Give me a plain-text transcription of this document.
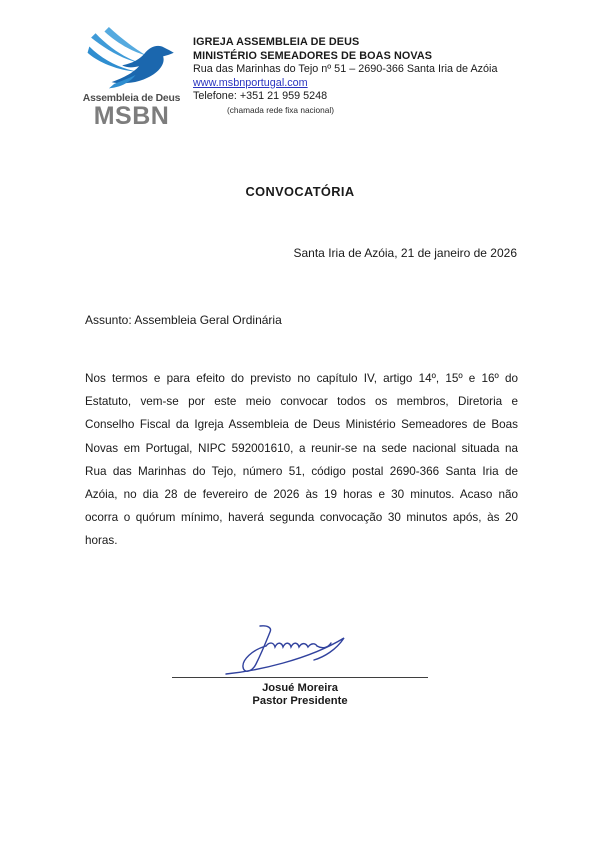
Assembleia de Deus
MSBN
IGREJA ASSEMBLEIA DE DEUS
MINISTÉRIO SEMEADORES DE BOAS NOVAS
Rua das Marinhas do Tejo nº 51 – 2690-366 Santa Iria de Azóia
www.msbnportugal.com
Telefone: +351 21 959 5248
(chamada rede fixa nacional)
CONVOCATÓRIA
Santa Iria de Azóia, 21 de janeiro de 2026
Assunto: Assembleia Geral Ordinária
Nos termos e para efeito do previsto no capítulo IV, artigo 14º, 15º e 16º do
Estatuto, vem-se por este meio convocar todos os membros, Diretoria e
Conselho Fiscal da Igreja Assembleia de Deus Ministério Semeadores de Boas
Novas em Portugal, NIPC 592001610, a reunir-se na sede nacional situada na
Rua das Marinhas do Tejo, número 51, código postal 2690-366 Santa Iria de
Azóia, no dia 28 de fevereiro de 2026 às 19 horas e 30 minutos. Acaso não
ocorra o quórum mínimo, haverá segunda convocação 30 minutos após, às 20
horas.
Josué Moreira
Pastor Presidente
